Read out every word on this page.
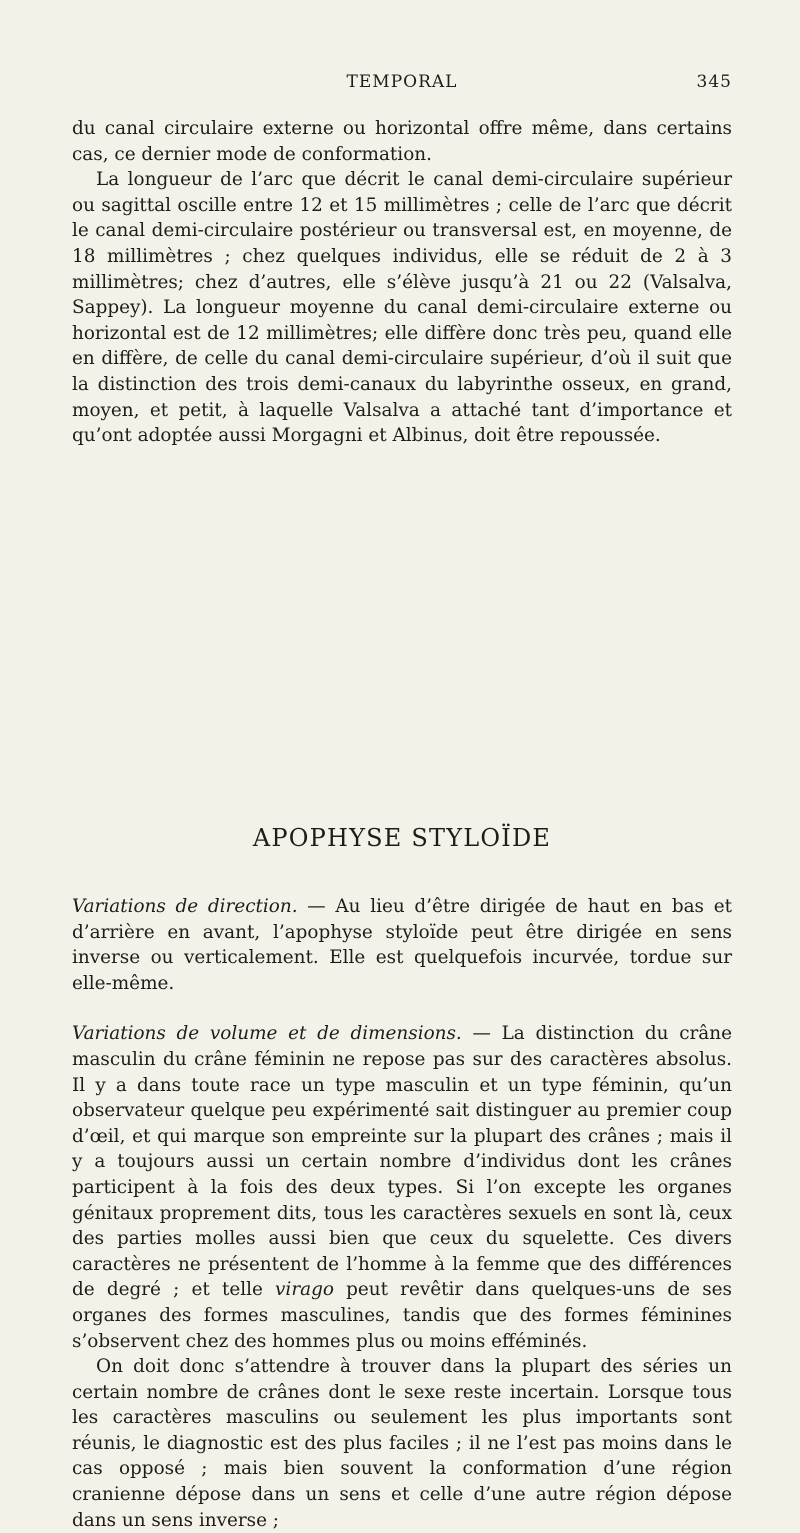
TEMPORAL	345

du canal circulaire externe ou horizontal offre même, dans certains cas, ce dernier mode de conformation.

La longueur de l’arc que décrit le canal demi-circulaire supérieur ou sagittal oscille entre 12 et 15 millimètres ; celle de l’arc que décrit le canal demi-circulaire postérieur ou transversal est, en moyenne, de 18 millimètres ; chez quelques individus, elle se réduit de 2 à 3 millimètres; chez d’autres, elle s’élève jusqu’à 21 ou 22 (Valsalva, Sappey). La longueur moyenne du canal demi-circulaire externe ou horizontal est de 12 millimètres; elle diffère donc très peu, quand elle en diffère, de celle du canal demi-circulaire supérieur, d’où il suit que la distinction des trois demi-canaux du labyrinthe osseux, en grand, moyen, et petit, à laquelle Valsalva a attaché tant d’importance et qu’ont adoptée aussi Morgagni et Albinus, doit être repoussée.

APOPHYSE STYLOÏDE

Variations de direction. — Au lieu d’être dirigée de haut en bas et d’arrière en avant, l’apophyse styloïde peut être dirigée en sens inverse ou verticalement. Elle est quelquefois incurvée, tordue sur elle-même.

Variations de volume et de dimensions. — La distinction du crâne masculin du crâne féminin ne repose pas sur des caractères absolus. Il y a dans toute race un type masculin et un type féminin, qu’un observateur quelque peu expérimenté sait distinguer au premier coup d’œil, et qui marque son empreinte sur la plupart des crânes ; mais il y a toujours aussi un certain nombre d’individus dont les crânes participent à la fois des deux types. Si l’on excepte les organes génitaux proprement dits, tous les caractères sexuels en sont là, ceux des parties molles aussi bien que ceux du squelette. Ces divers caractères ne présentent de l’homme à la femme que des différences de degré ; et telle virago peut revêtir dans quelques-uns de ses organes des formes masculines, tandis que des formes féminines s’observent chez des hommes plus ou moins efféminés.

On doit donc s’attendre à trouver dans la plupart des séries un certain nombre de crânes dont le sexe reste incertain. Lorsque tous les caractères masculins ou seulement les plus importants sont réunis, le diagnostic est des plus faciles ; il ne l’est pas moins dans le cas opposé ; mais bien souvent la conformation d’une région cranienne dépose dans un sens et celle d’une autre région dépose dans un sens inverse ;
